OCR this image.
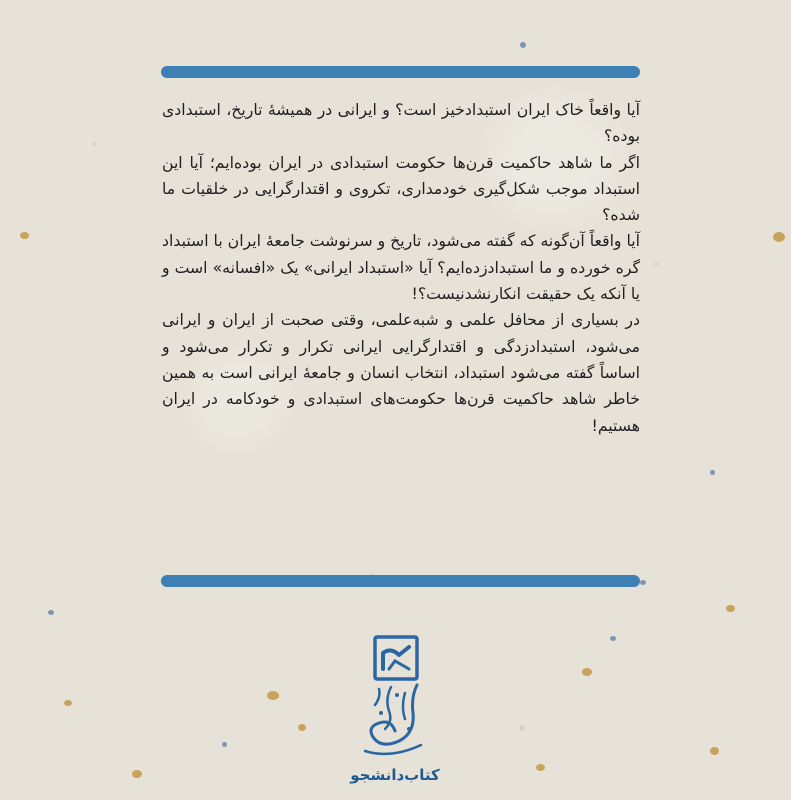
آیا واقعاً خاک ایران استبدادخیز است؟ و ایرانی در همیشهٔ تاریخ، استبدادی بوده؟

اگر ما شاهد حاکمیت قرن‌ها حکومت استبدادی در ایران بوده‌ایم؛ آیا این استبداد موجب شکل‌گیری خودمداری، تکروی و اقتدارگرایی در خلقیات ما شده؟

آیا واقعاً آن‌گونه که گفته می‌شود، تاریخ و سرنوشت جامعهٔ ایران با استبداد گره خورده و ما استبدادزده‌ایم؟ آیا «استبداد ایرانی» یک «افسانه» است و یا آنکه یک حقیقت انکارنشدنیست؟!

در بسیاری از محافل علمی و شبه‌علمی، وقتی صحبت از ایران و ایرانی می‌شود، استبدادزدگی و اقتدارگرایی ایرانی تکرار و تکرار می‌شود و اساساً گفته می‌شود استبداد، انتخاب انسان و جامعهٔ ایرانی است به همین خاطر شاهد حاکمیت قرن‌ها حکومت‌های استبدادی و خودکامه در ایران هستیم!

کتاب‌دانشجو
